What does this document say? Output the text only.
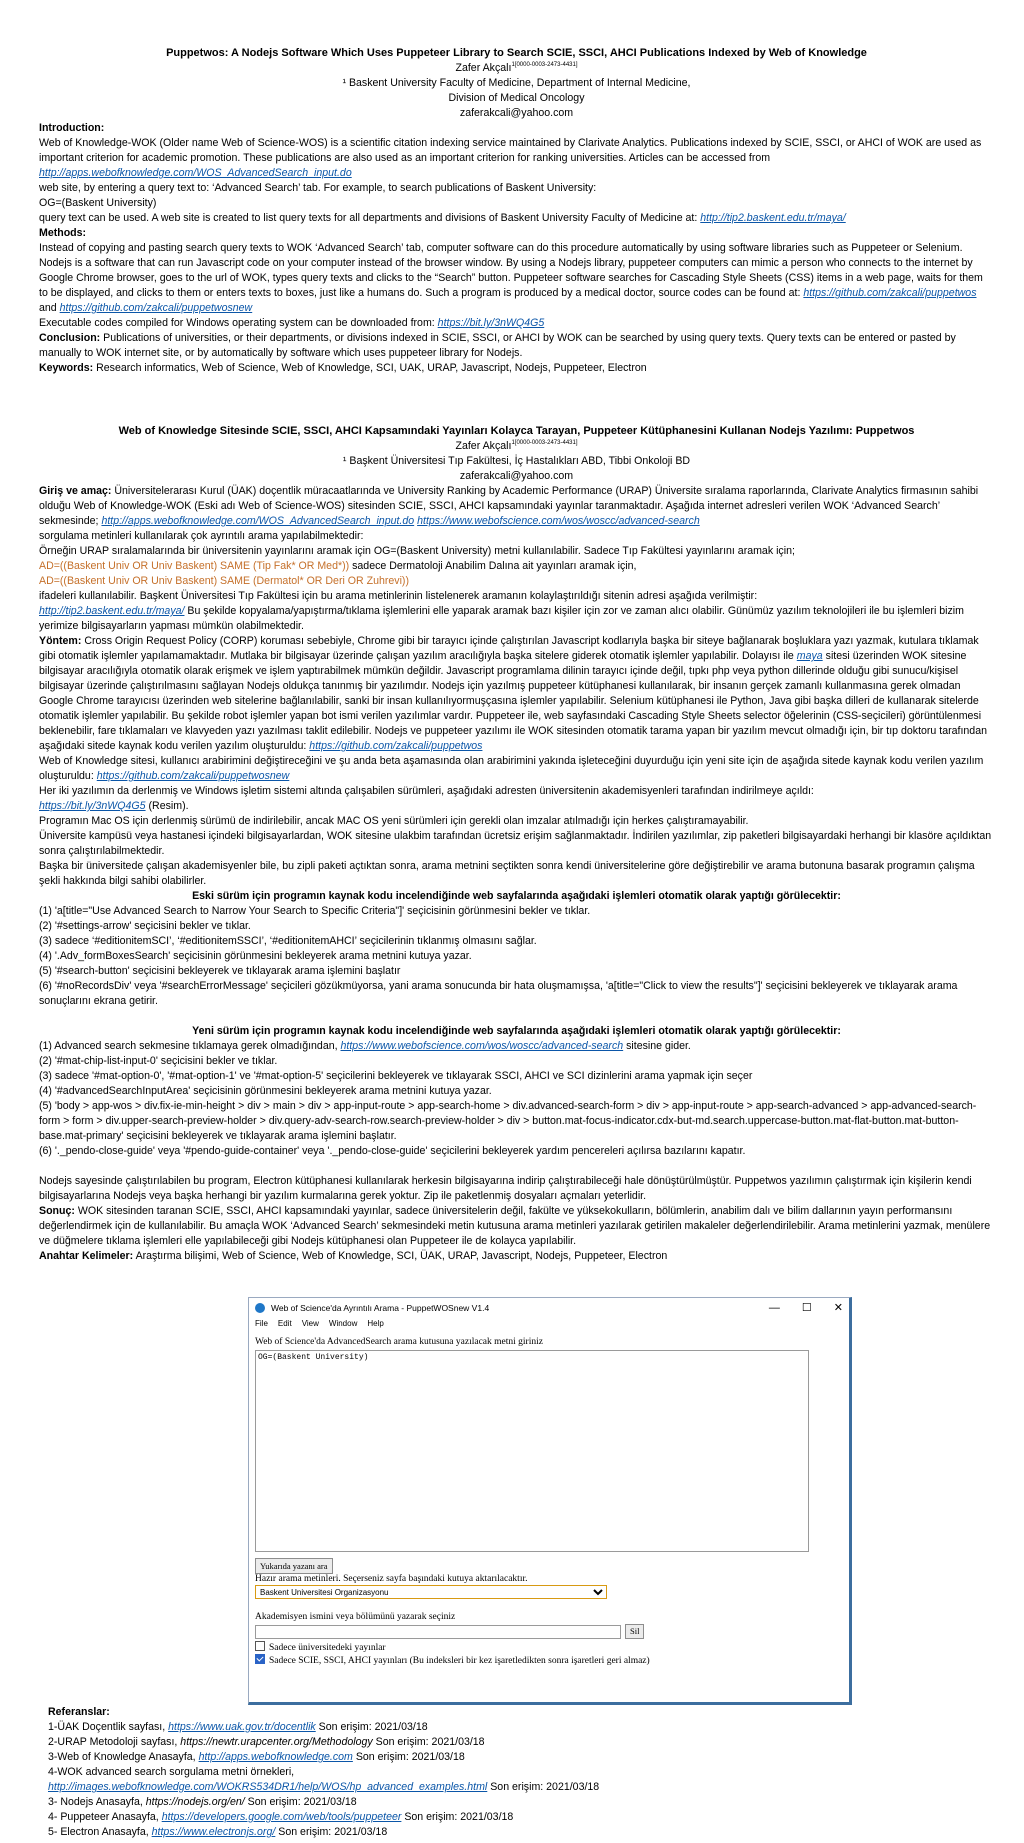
Puppetwos: A Nodejs Software Which Uses Puppeteer Library to Search SCIE, SSCI, AHCI Publications Indexed by Web of Knowledge
Zafer Akçalı$^{1[0000-0003-2473-4431]}$
¹ Baskent University Faculty of Medicine, Department of Internal Medicine,
Division of Medical Oncology
zaferakcali@yahoo.com

Introduction:
Web of Knowledge-WOK (Older name Web of Science-WOS) is a scientific citation indexing service maintained by Clarivate Analytics. Publications indexed by SCIE, SSCI, or AHCI of WOK are used as important criterion for academic promotion. These publications are also used as an important criterion for ranking universities. Articles can be accessed from
http://apps.webofknowledge.com/WOS_AdvancedSearch_input.do
web site, by entering a query text to: ‘Advanced Search’ tab. For example, to search publications of Baskent University:
OG=(Baskent University)
query text can be used. A web site is created to list query texts for all departments and divisions of Baskent University Faculty of Medicine at: http://tip2.baskent.edu.tr/maya/

Methods:
Instead of copying and pasting search query texts to WOK ‘Advanced Search’ tab, computer software can do this procedure automatically by using software libraries such as Puppeteer or Selenium. Nodejs is a software that can run Javascript code on your computer instead of the browser window. By using a Nodejs library, puppeteer computers can mimic a person who connects to the internet by Google Chrome browser, goes to the url of WOK, types query texts and clicks to the “Search” button. Puppeteer software searches for Cascading Style Sheets (CSS) items in a web page, waits for them to be displayed, and clicks to them or enters texts to boxes, just like a humans do. Such a program is produced by a medical doctor, source codes can be found at: https://github.com/zakcali/puppetwos and https://github.com/zakcali/puppetwosnew
Executable codes compiled for Windows operating system can be downloaded from: https://bit.ly/3nWQ4G5

Conclusion: Publications of universities, or their departments, or divisions indexed in SCIE, SSCI, or AHCI by WOK can be searched by using query texts. Query texts can be entered or pasted by manually to WOK internet site, or by automatically by software which uses puppeteer library for Nodejs.

Keywords: Research informatics, Web of Science, Web of Knowledge, SCI, UAK, URAP, Javascript, Nodejs, Puppeteer, Electron

Web of Knowledge Sitesinde SCIE, SSCI, AHCI Kapsamındaki Yayınları Kolayca Tarayan, Puppeteer Kütüphanesini Kullanan Nodejs Yazılımı: Puppetwos
Zafer Akçalı$^{1[0000-0003-2473-4431]}$
¹ Başkent Üniversitesi Tıp Fakültesi, İç Hastalıkları ABD, Tibbi Onkoloji BD
zaferakcali@yahoo.com

Giriş ve amaç: Üniversitelerarası Kurul (ÜAK) doçentlik müracaatlarında ve University Ranking by Academic Performance (URAP) Üniversite sıralama raporlarında, Clarivate Analytics firmasının sahibi olduğu Web of Knowledge-WOK (Eski adı Web of Science-WOS) sitesinden SCIE, SSCI, AHCI kapsamındaki yayınlar taranmaktadır. Aşağıda internet adresleri verilen WOK ‘Advanced Search’ sekmesinde; http://apps.webofknowledge.com/WOS_AdvancedSearch_input.do https://www.webofscience.com/wos/woscc/advanced-search
sorgulama metinleri kullanılarak çok ayrıntılı arama yapılabilmektedir:
Örneğin URAP sıralamalarında bir üniversitenin yayınlarını aramak için OG=(Baskent University) metni kullanılabilir. Sadece Tıp Fakültesi yayınlarını aramak için;
AD=((Baskent Univ OR Univ Baskent) SAME (Tip Fak* OR Med*)) sadece Dermatoloji Anabilim Dalına ait yayınları aramak için,
AD=((Baskent Univ OR Univ Baskent) SAME (Dermatol* OR Deri OR Zuhrevi))
ifadeleri kullanılabilir. Başkent Üniversitesi Tıp Fakültesi için bu arama metinlerinin listelenerek aramanın kolaylaştırıldığı sitenin adresi aşağıda verilmiştir:
http://tip2.baskent.edu.tr/maya/ Bu şekilde kopyalama/yapıştırma/tıklama işlemlerini elle yaparak aramak bazı kişiler için zor ve zaman alıcı olabilir. Günümüz yazılım teknolojileri ile bu işlemleri bizim yerimize bilgisayarların yapması mümkün olabilmektedir.

Yöntem: Cross Origin Request Policy (CORP) koruması sebebiyle, Chrome gibi bir tarayıcı içinde çalıştırılan Javascript kodlarıyla başka bir siteye bağlanarak boşluklara yazı yazmak, kutulara tıklamak gibi otomatik işlemler yapılamamaktadır. Mutlaka bir bilgisayar üzerinde çalışan yazılım aracılığıyla başka sitelere giderek otomatik işlemler yapılabilir. Dolayısı ile maya sitesi üzerinden WOK sitesine bilgisayar aracılığıyla otomatik olarak erişmek ve işlem yaptırabilmek mümkün değildir. Javascript programlama dilinin tarayıcı içinde değil, tıpkı php veya python dillerinde olduğu gibi sunucu/kişisel bilgisayar üzerinde çalıştırılmasını sağlayan Nodejs oldukça tanınmış bir yazılımdır. Nodejs için yazılmış puppeteer kütüphanesi kullanılarak, bir insanın gerçek zamanlı kullanmasına gerek olmadan Google Chrome tarayıcısı üzerinden web sitelerine bağlanılabilir, sanki bir insan kullanılıyormuşçasına işlemler yapılabilir. Selenium kütüphanesi ile Python, Java gibi başka dilleri de kullanarak sitelerde otomatik işlemler yapılabilir. Bu şekilde robot işlemler yapan bot ismi verilen yazılımlar vardır. Puppeteer ile, web sayfasındaki Cascading Style Sheets selector öğelerinin (CSS-seçicileri) görüntülenmesi beklenebilir, fare tıklamaları ve klavyeden yazı yazılması taklit edilebilir. Nodejs ve puppeteer yazılımı ile WOK sitesinden otomatik tarama yapan bir yazılım mevcut olmadığı için, bir tıp doktoru tarafından aşağıdaki sitede kaynak kodu verilen yazılım oluşturuldu: https://github.com/zakcali/puppetwos
Web of Knowledge sitesi, kullanıcı arabirimini değiştireceğini ve şu anda beta aşamasında olan arabirimini yakında işleteceğini duyurduğu için yeni site için de aşağıda sitede kaynak kodu verilen yazılım oluşturuldu: https://github.com/zakcali/puppetwosnew
Her iki yazılımın da derlenmiş ve Windows işletim sistemi altında çalışabilen sürümleri, aşağıdaki adresten üniversitenin akademisyenleri tarafından indirilmeye açıldı:
https://bit.ly/3nWQ4G5 (Resim).
Programın Mac OS için derlenmiş sürümü de indirilebilir, ancak MAC OS yeni sürümleri için gerekli olan imzalar atılmadığı için herkes çalıştıramayabilir.
Üniversite kampüsü veya hastanesi içindeki bilgisayarlardan, WOK sitesine ulakbim tarafından ücretsiz erişim sağlanmaktadır. İndirilen yazılımlar, zip paketleri bilgisayardaki herhangi bir klasöre açıldıktan sonra çalıştırılabilmektedir.
Başka bir üniversitede çalışan akademisyenler bile, bu zipli paketi açtıktan sonra, arama metnini seçtikten sonra kendi üniversitelerine göre değiştirebilir ve arama butonuna basarak programın çalışma şekli hakkında bilgi sahibi olabilirler.

Eski sürüm için programın kaynak kodu incelendiğinde web sayfalarında aşağıdaki işlemleri otomatik olarak yaptığı görülecektir:
(1) 'a[title="Use Advanced Search to Narrow Your Search to Specific Criteria"]' seçicisinin görünmesini bekler ve tıklar.
(2) '#settings-arrow' seçicisini bekler ve tıklar.
(3) sadece ‘#editionitemSCI’, ‘#editionitemSSCI’, ‘#editionitemAHCI’ seçicilerinin tıklanmış olmasını sağlar.
(4) '.Adv_formBoxesSearch' seçicisinin görünmesini bekleyerek arama metnini kutuya yazar.
(5) '#search-button' seçicisini bekleyerek ve tıklayarak arama işlemini başlatır
(6) '#noRecordsDiv' veya '#searchErrorMessage' seçicileri gözükmüyorsa, yani arama sonucunda bir hata oluşmamışsa, 'a[title="Click to view the results"]' seçicisini bekleyerek ve tıklayarak arama sonuçlarını ekrana getirir.
Yeni sürüm için programın kaynak kodu incelendiğinde web sayfalarında aşağıdaki işlemleri otomatik olarak yaptığı görülecektir:
(1) Advanced search sekmesine tıklamaya gerek olmadığından, https://www.webofscience.com/wos/woscc/advanced-search sitesine gider.
(2) '#mat-chip-list-input-0' seçicisini bekler ve tıklar.
(3) sadece '#mat-option-0', '#mat-option-1' ve '#mat-option-5' seçicilerini bekleyerek ve tıklayarak SSCI, AHCI ve SCI dizinlerini arama yapmak için seçer
(4) '#advancedSearchInputArea' seçicisinin görünmesini bekleyerek arama metnini kutuya yazar.
(5) 'body > app-wos > div.fix-ie-min-height > div > main > div > app-input-route > app-search-home > div.advanced-search-form > div > app-input-route > app-search-advanced > app-advanced-search-form > form > div.upper-search-preview-holder > div.query-adv-search-row.search-preview-holder > div > button.mat-focus-indicator.cdx-but-md.search.uppercase-button.mat-flat-button.mat-button-base.mat-primary' seçicisini bekleyerek ve tıklayarak arama işlemini başlatır.
(6) '._pendo-close-guide' veya '#pendo-guide-container' veya '._pendo-close-guide' seçicilerini bekleyerek yardım pencereleri açılırsa bazılarını kapatır.

Nodejs sayesinde çalıştırılabilen bu program, Electron kütüphanesi kullanılarak herkesin bilgisayarına indirip çalıştırabileceği hale dönüştürülmüştür. Puppetwos yazılımın çalıştırmak için kişilerin kendi bilgisayarlarına Nodejs veya başka herhangi bir yazılım kurmalarına gerek yoktur. Zip ile paketlenmiş dosyaları açmaları yeterlidir.

Sonuç: WOK sitesinden taranan SCIE, SSCI, AHCI kapsamındaki yayınlar, sadece üniversitelerin değil, fakülte ve yüksekokulların, bölümlerin, anabilim dalı ve bilim dallarının yayın performansını değerlendirmek için de kullanılabilir. Bu amaçla WOK ‘Advanced Search’ sekmesindeki metin kutusuna arama metinleri yazılarak getirilen makaleler değerlendirilebilir. Arama metinlerini yazmak, menülere ve düğmelere tıklama işlemleri elle yapılabileceği gibi Nodejs kütüphanesi olan Puppeteer ile de kolayca yapılabilir.

Anahtar Kelimeler: Araştırma bilişimi, Web of Science, Web of Knowledge, SCI, ÜAK, URAP, Javascript, Nodejs, Puppeteer, Electron

Web of Science'da Ayrıntılı Arama - PuppetWOSnew V1.4	— ☐ ✕
File Edit View Window Help
Web of Science'da AdvancedSearch arama kutusuna yazılacak metni giriniz
OG=(Baskent University)
Yukarıda yazanı ara
Hazır arama metinleri. Seçerseniz sayfa başındaki kutuya aktarılacaktır.
Baskent Universitesi Organizasyonu
Akademisyen ismini veya bölümünü yazarak seçiniz
Sil
Sadece üniversitedeki yayınlar
Sadece SCIE, SSCI, AHCI yayınları (Bu indeksleri bir kez işaretledikten sonra işaretleri geri almaz)
Referanslar:
1-ÜAK Doçentlik sayfası, https://www.uak.gov.tr/docentlik Son erişim: 2021/03/18
2-URAP Metodoloji sayfası, https://newtr.urapcenter.org/Methodology Son erişim: 2021/03/18
3-Web of Knowledge Anasayfa, http://apps.webofknowledge.com Son erişim: 2021/03/18
4-WOK advanced search sorgulama metni örnekleri,
http://images.webofknowledge.com/WOKRS534DR1/help/WOS/hp_advanced_examples.html Son erişim: 2021/03/18
3- Nodejs Anasayfa, https://nodejs.org/en/ Son erişim: 2021/03/18
4- Puppeteer Anasayfa, https://developers.google.com/web/tools/puppeteer Son erişim: 2021/03/18
5- Electron Anasayfa, https://www.electronjs.org/ Son erişim: 2021/03/18
